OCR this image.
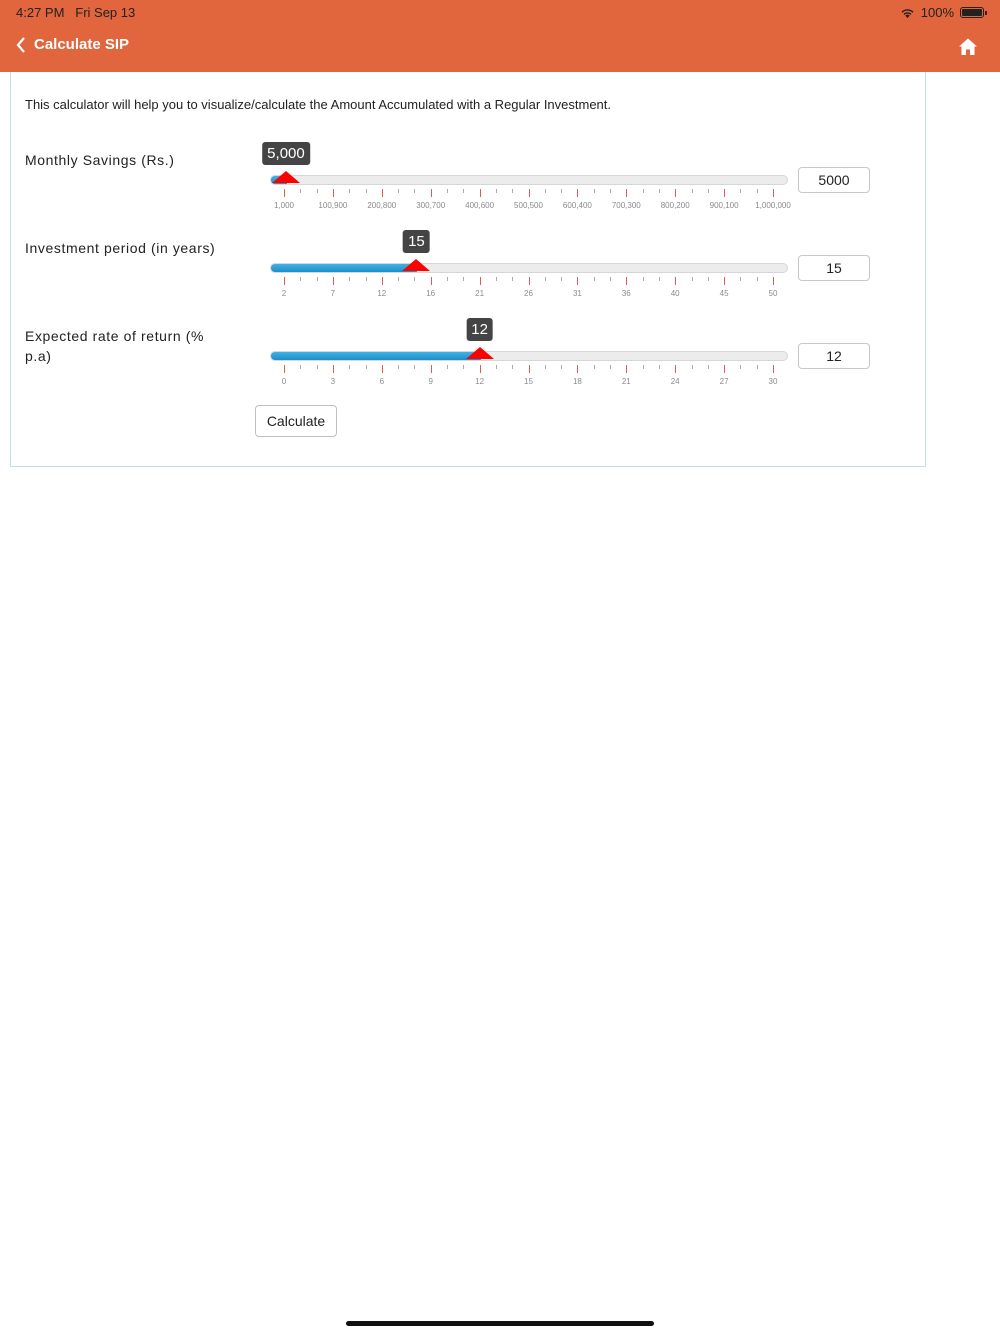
4:27 PM Fri Sep 13	100%
Calculate SIP
This calculator will help you to visualize/calculate the Amount Accumulated with a Regular Investment.
Monthly Savings (Rs.)	5,000
1,000	100,900 200,800 300,700 400,600 500,500 600,400 700,300 800,200 900,100 1,000,000
5000
Investment period (in years)	15
2	7	12	16	21	26	31	36	40	45	50
15
Expected rate of return (% p.a)
12
0	3	6	9	12	15	18	21	24	27	30
12
Calculate
